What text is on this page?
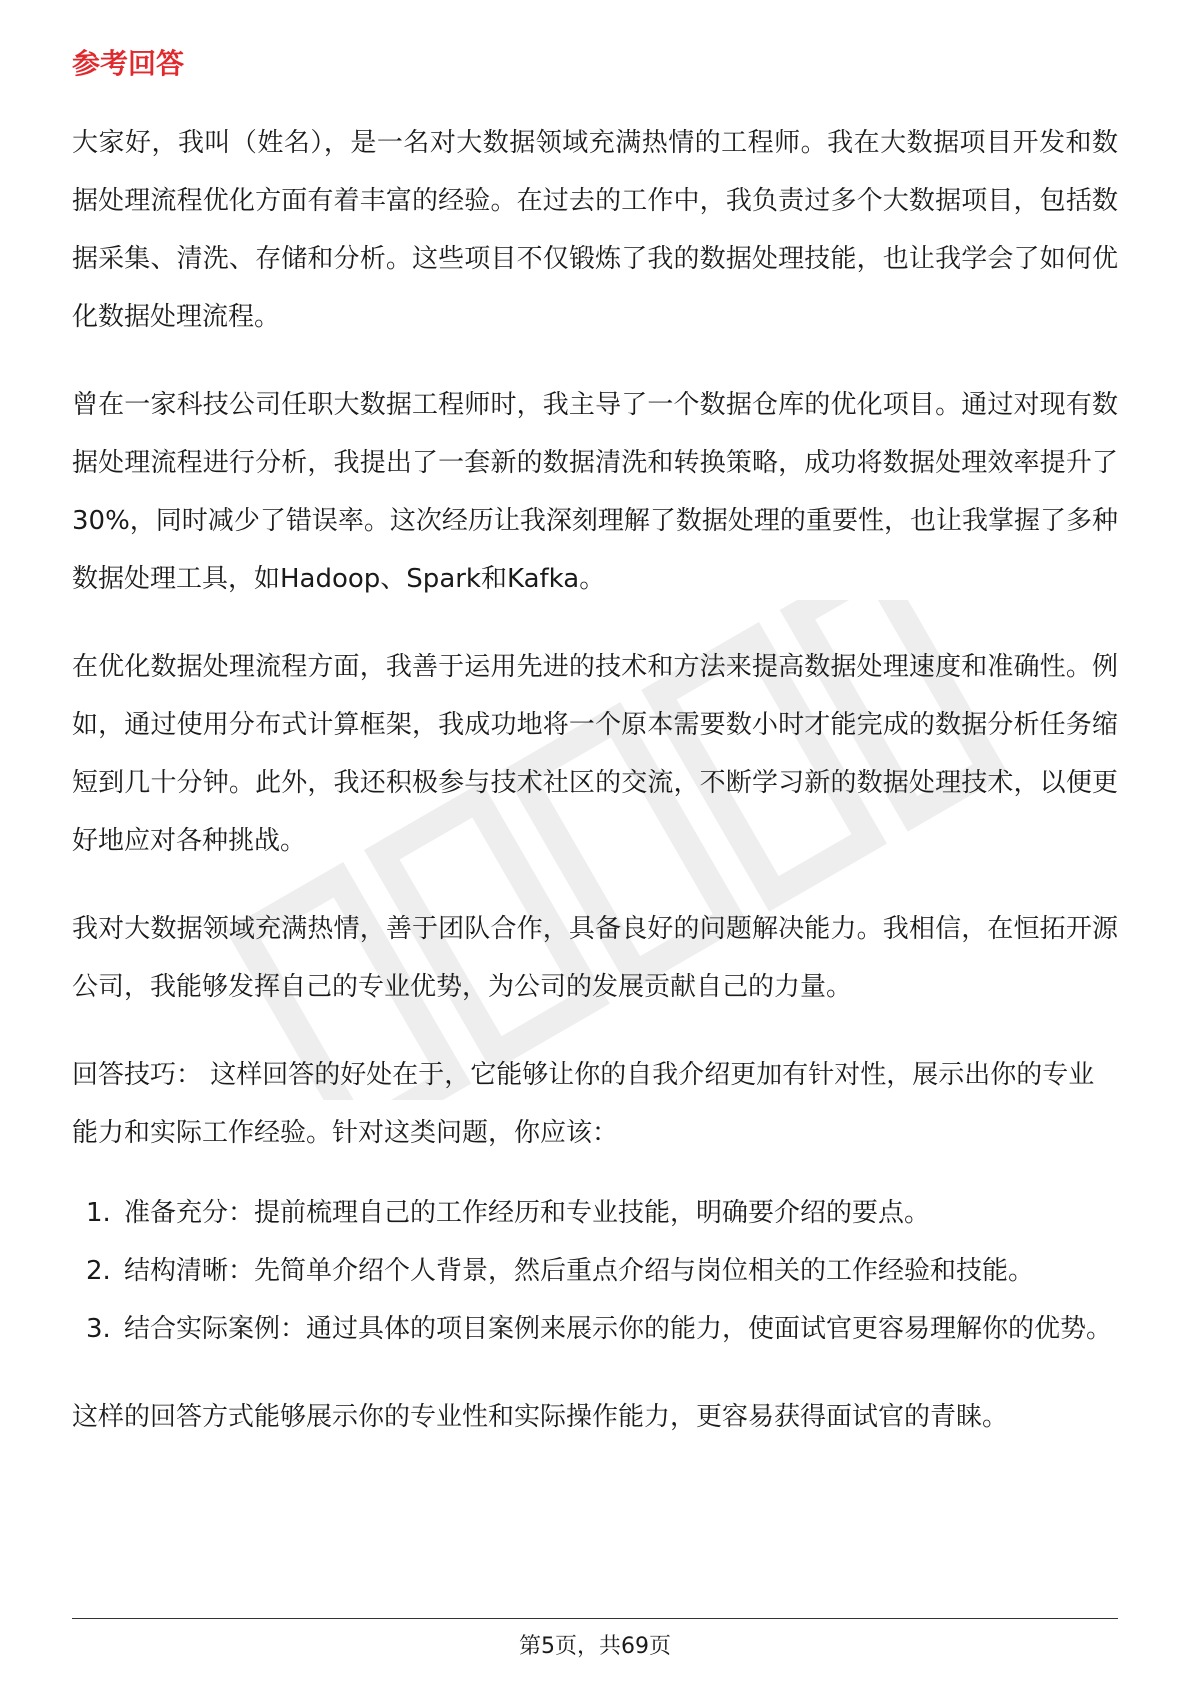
参考回答

大家好，我叫（姓名），是一名对大数据领域充满热情的工程师。我在大数据项目开发和数据处理流程优化方面有着丰富的经验。在过去的工作中，我负责过多个大数据项目，包括数据采集、清洗、存储和分析。这些项目不仅锻炼了我的数据处理技能，也让我学会了如何优化数据处理流程。

曾在一家科技公司任职大数据工程师时，我主导了一个数据仓库的优化项目。通过对现有数据处理流程进行分析，我提出了一套新的数据清洗和转换策略，成功将数据处理效率提升了30%，同时减少了错误率。这次经历让我深刻理解了数据处理的重要性，也让我掌握了多种数据处理工具，如Hadoop、Spark和Kafka。

在优化数据处理流程方面，我善于运用先进的技术和方法来提高数据处理速度和准确性。例如，通过使用分布式计算框架，我成功地将一个原本需要数小时才能完成的数据分析任务缩短到几十分钟。此外，我还积极参与技术社区的交流，不断学习新的数据处理技术，以便更好地应对各种挑战。

我对大数据领域充满热情，善于团队合作，具备良好的问题解决能力。我相信，在恒拓开源公司，我能够发挥自己的专业优势，为公司的发展贡献自己的力量。

回答技巧： 这样回答的好处在于，它能够让你的自我介绍更加有针对性，展示出你的专业能力和实际工作经验。针对这类问题，你应该：

1. 准备充分：提前梳理自己的工作经历和专业技能，明确要介绍的要点。
2. 结构清晰：先简单介绍个人背景，然后重点介绍与岗位相关的工作经验和技能。
3. 结合实际案例：通过具体的项目案例来展示你的能力，使面试官更容易理解你的优势。

这样的回答方式能够展示你的专业性和实际操作能力，更容易获得面试官的青睐。

第5页，共69页
